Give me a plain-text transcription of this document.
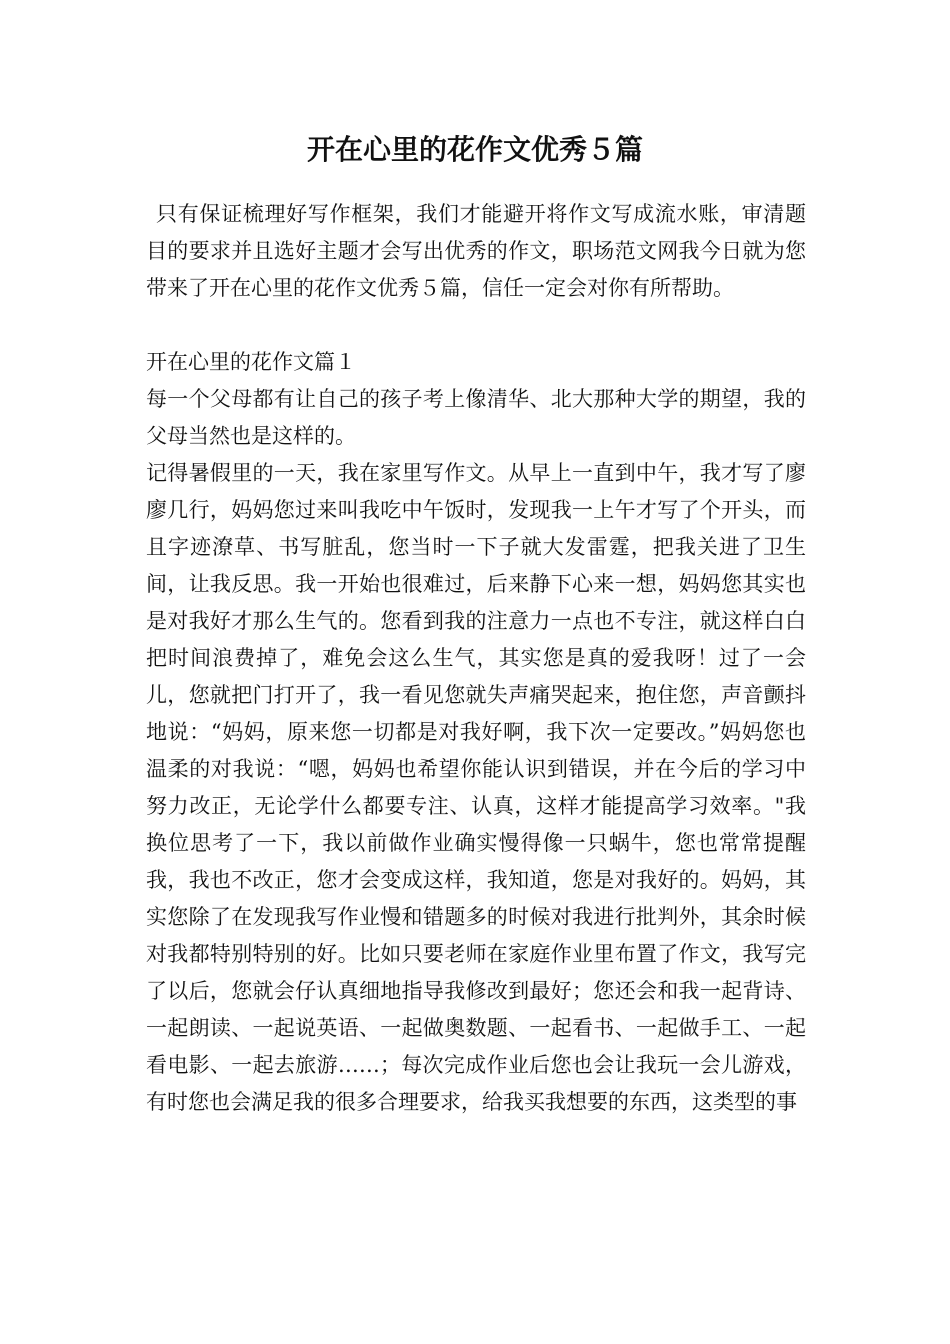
开在心里的花作文优秀５篇

只有保证梳理好写作框架，我们才能避开将作文写成流水账，审清题目的要求并且选好主题才会写出优秀的作文，职场范文网我今日就为您带来了开在心里的花作文优秀５篇，信任一定会对你有所帮助。

开在心里的花作文篇１

每一个父母都有让自己的孩子考上像清华、北大那种大学的期望，我的父母当然也是这样的。

记得暑假里的一天，我在家里写作文。从早上一直到中午，我才写了廖廖几行，妈妈您过来叫我吃中午饭时，发现我一上午才写了个开头，而且字迹潦草、书写脏乱，您当时一下子就大发雷霆，把我关进了卫生间，让我反思。我一开始也很难过，后来静下心来一想，妈妈您其实也是对我好才那么生气的。您看到我的注意力一点也不专注，就这样白白把时间浪费掉了，难免会这么生气，其实您是真的爱我呀！过了一会儿，您就把门打开了，我一看见您就失声痛哭起来，抱住您，声音颤抖地说：“妈妈，原来您一切都是对我好啊，我下次一定要改。”妈妈您也温柔的对我说：“嗯，妈妈也希望你能认识到错误，并在今后的学习中努力改正，无论学什么都要专注、认真，这样才能提高学习效率。"我换位思考了一下，我以前做作业确实慢得像一只蜗牛，您也常常提醒我，我也不改正，您才会变成这样，我知道，您是对我好的。妈妈，其实您除了在发现我写作业慢和错题多的时候对我进行批判外，其余时候对我都特别特别的好。比如只要老师在家庭作业里布置了作文，我写完了以后，您就会仔认真细地指导我修改到最好；您还会和我一起背诗、一起朗读、一起说英语、一起做奥数题、一起看书、一起做手工、一起看电影、一起去旅游……；每次完成作业后您也会让我玩一会儿游戏，有时您也会满足我的很多合理要求，给我买我想要的东西，这类型的事
